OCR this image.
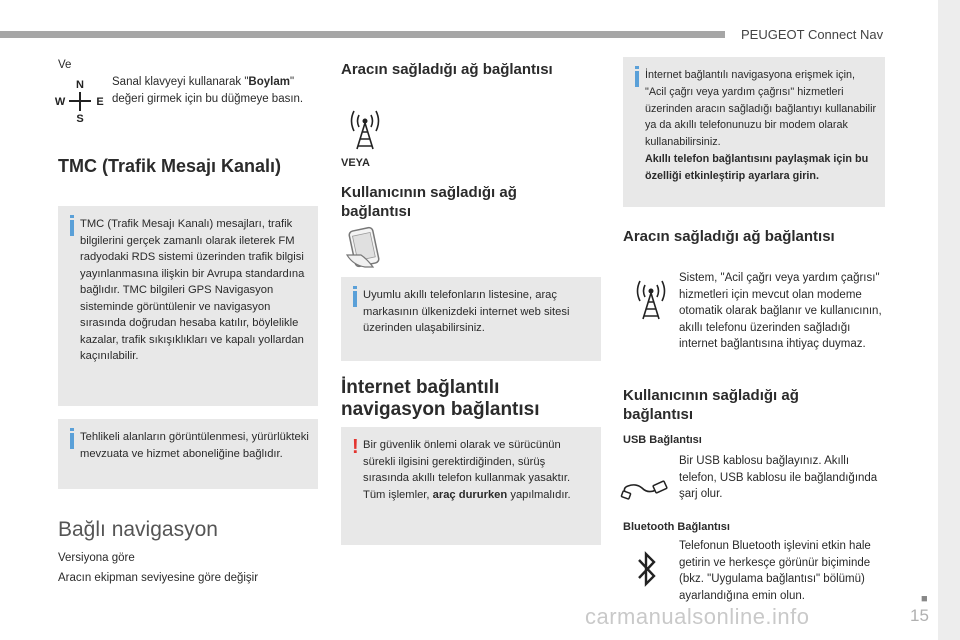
PEUGEOT Connect Nav
■
15
carmanualsonline.info
Ve
N
W	E
S
Sanal klavyeyi kullanarak "Boylam" değeri girmek için bu düğmeye basın.
TMC (Trafik Mesajı Kanalı)
TMC (Trafik Mesajı Kanalı) mesajları, trafik bilgilerini gerçek zamanlı olarak ileterek FM radyodaki RDS sistemi üzerinden trafik bilgisi yayınlanmasına ilişkin bir Avrupa standardına bağlıdır. TMC bilgileri GPS Navigasyon sisteminde görüntülenir ve navigasyon sırasında doğrudan hesaba katılır, böylelikle kazalar, trafik sıkışıklıkları ve kapalı yollardan kaçınılabilir.
Tehlikeli alanların görüntülenmesi, yürürlükteki mevzuata ve hizmet aboneliğine bağlıdır.
Bağlı navigasyon
Versiyona göre
Aracın ekipman seviyesine göre değişir
Aracın sağladığı ağ bağlantısı
VEYA
Kullanıcının sağladığı ağ bağlantısı
Uyumlu akıllı telefonların listesine, araç markasının ülkenizdeki internet web sitesi üzerinden ulaşabilirsiniz.
İnternet bağlantılı
navigasyon bağlantısı
! Bir güvenlik önlemi olarak ve sürücünün sürekli ilgisini gerektirdiğinden, sürüş sırasında akıllı telefon kullanmak yasaktır. Tüm işlemler, araç dururken yapılmalıdır.
İnternet bağlantılı navigasyona erişmek için, "Acil çağrı veya yardım çağrısı" hizmetleri üzerinden aracın sağladığı bağlantıyı kullanabilir ya da akıllı telefonunuzu bir modem olarak kullanabilirsiniz.
Akıllı telefon bağlantısını paylaşmak için bu özelliği etkinleştirip ayarlara girin.
Aracın sağladığı ağ bağlantısı
Sistem, "Acil çağrı veya yardım çağrısı" hizmetleri için mevcut olan modeme otomatik olarak bağlanır ve kullanıcının, akıllı telefonu üzerinden sağladığı internet bağlantısına ihtiyaç duymaz.
Kullanıcının sağladığı ağ bağlantısı
USB Bağlantısı
Bir USB kablosu bağlayınız. Akıllı telefon, USB kablosu ile bağlandığında şarj olur.
Bluetooth Bağlantısı
Telefonun Bluetooth işlevini etkin hale getirin ve herkesçe görünür biçiminde (bkz. "Uygulama bağlantısı" bölümü) ayarlandığına emin olun.
